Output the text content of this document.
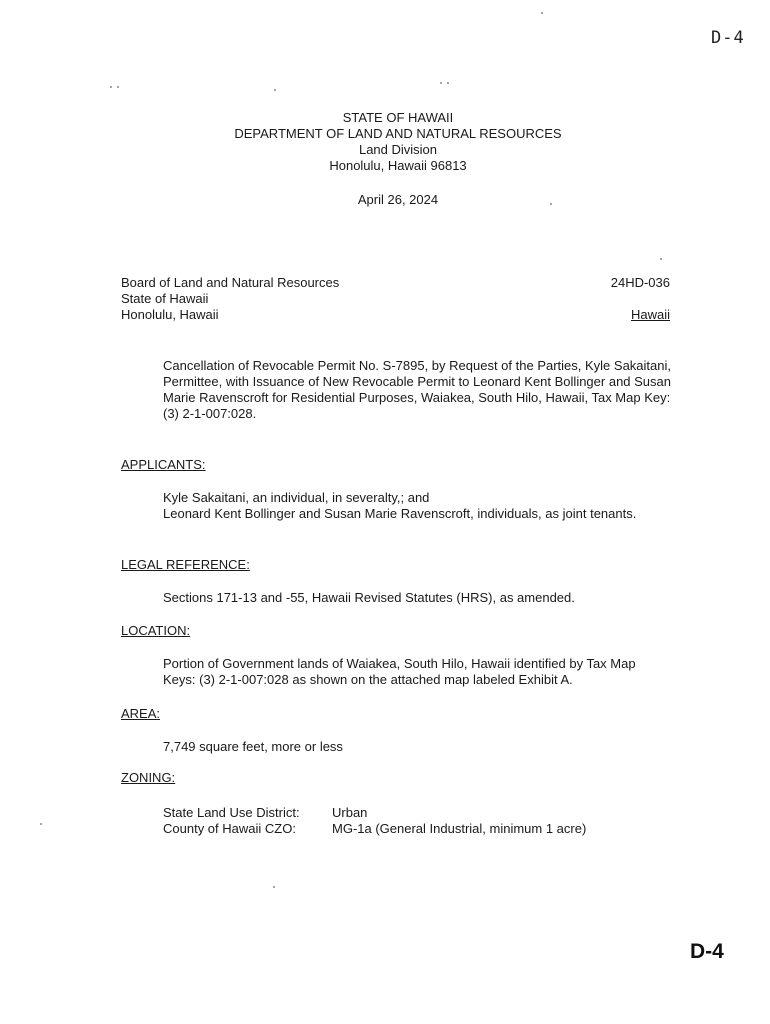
D-4
STATE OF HAWAII
DEPARTMENT OF LAND AND NATURAL RESOURCES
Land Division
Honolulu, Hawaii 96813
April 26, 2024
Board of Land and Natural Resources
State of Hawaii
Honolulu, Hawaii
24HD-036
Hawaii
Cancellation of Revocable Permit No. S-7895, by Request of the Parties, Kyle Sakaitani, Permittee, with Issuance of New Revocable Permit to Leonard Kent Bollinger and Susan Marie Ravenscroft for Residential Purposes, Waiakea, South Hilo, Hawaii, Tax Map Key: (3) 2-1-007:028.
APPLICANTS:
Kyle Sakaitani, an individual, in severalty,; and
Leonard Kent Bollinger and Susan Marie Ravenscroft, individuals, as joint tenants.
LEGAL REFERENCE:
Sections 171-13 and -55, Hawaii Revised Statutes (HRS), as amended.
LOCATION:
Portion of Government lands of Waiakea, South Hilo, Hawaii identified by Tax Map Keys: (3) 2-1-007:028 as shown on the attached map labeled Exhibit A.
AREA:
7,749 square feet, more or less
ZONING:
State Land Use District: Urban
County of Hawaii CZO:	MG-1a (General Industrial, minimum 1 acre)
D-4
